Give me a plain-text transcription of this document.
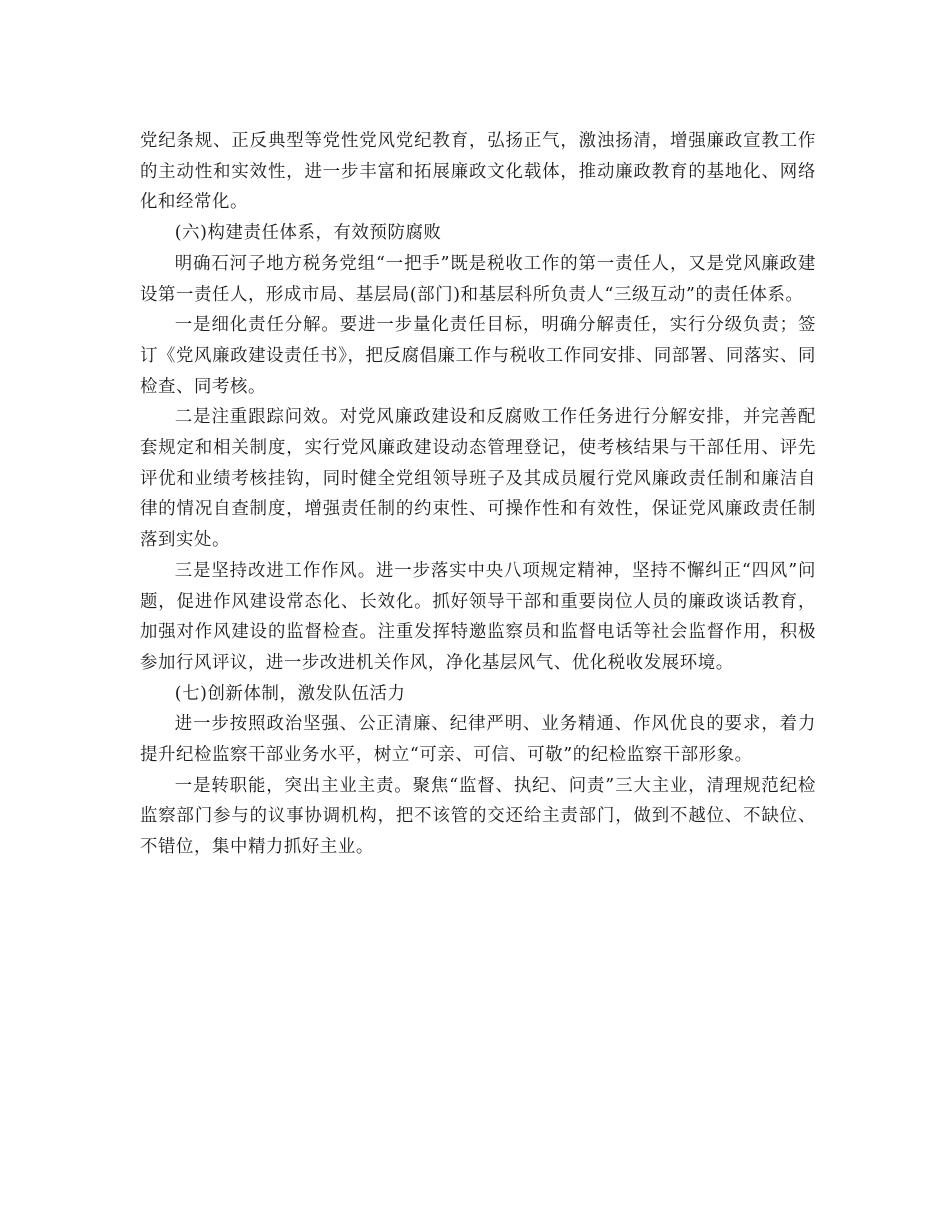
党纪条规、正反典型等党性党风党纪教育，弘扬正气，激浊扬清，增强廉政宣教工作的主动性和实效性，进一步丰富和拓展廉政文化载体，推动廉政教育的基地化、网络化和经常化。

(六)构建责任体系，有效预防腐败

明确石河子地方税务党组“一把手”既是税收工作的第一责任人，又是党风廉政建设第一责任人，形成市局、基层局(部门)和基层科所负责人“三级互动”的责任体系。

一是细化责任分解。要进一步量化责任目标，明确分解责任，实行分级负责；签订《党风廉政建设责任书》，把反腐倡廉工作与税收工作同安排、同部署、同落实、同检查、同考核。

二是注重跟踪问效。对党风廉政建设和反腐败工作任务进行分解安排，并完善配套规定和相关制度，实行党风廉政建设动态管理登记，使考核结果与干部任用、评先评优和业绩考核挂钩，同时健全党组领导班子及其成员履行党风廉政责任制和廉洁自律的情况自查制度，增强责任制的约束性、可操作性和有效性，保证党风廉政责任制落到实处。

三是坚持改进工作作风。进一步落实中央八项规定精神，坚持不懈纠正“四风”问题，促进作风建设常态化、长效化。抓好领导干部和重要岗位人员的廉政谈话教育，加强对作风建设的监督检查。注重发挥特邀监察员和监督电话等社会监督作用，积极参加行风评议，进一步改进机关作风，净化基层风气、优化税收发展环境。

(七)创新体制，激发队伍活力

进一步按照政治坚强、公正清廉、纪律严明、业务精通、作风优良的要求，着力提升纪检监察干部业务水平，树立“可亲、可信、可敬”的纪检监察干部形象。

一是转职能，突出主业主责。聚焦“监督、执纪、问责”三大主业，清理规范纪检监察部门参与的议事协调机构，把不该管的交还给主责部门，做到不越位、不缺位、不错位，集中精力抓好主业。
